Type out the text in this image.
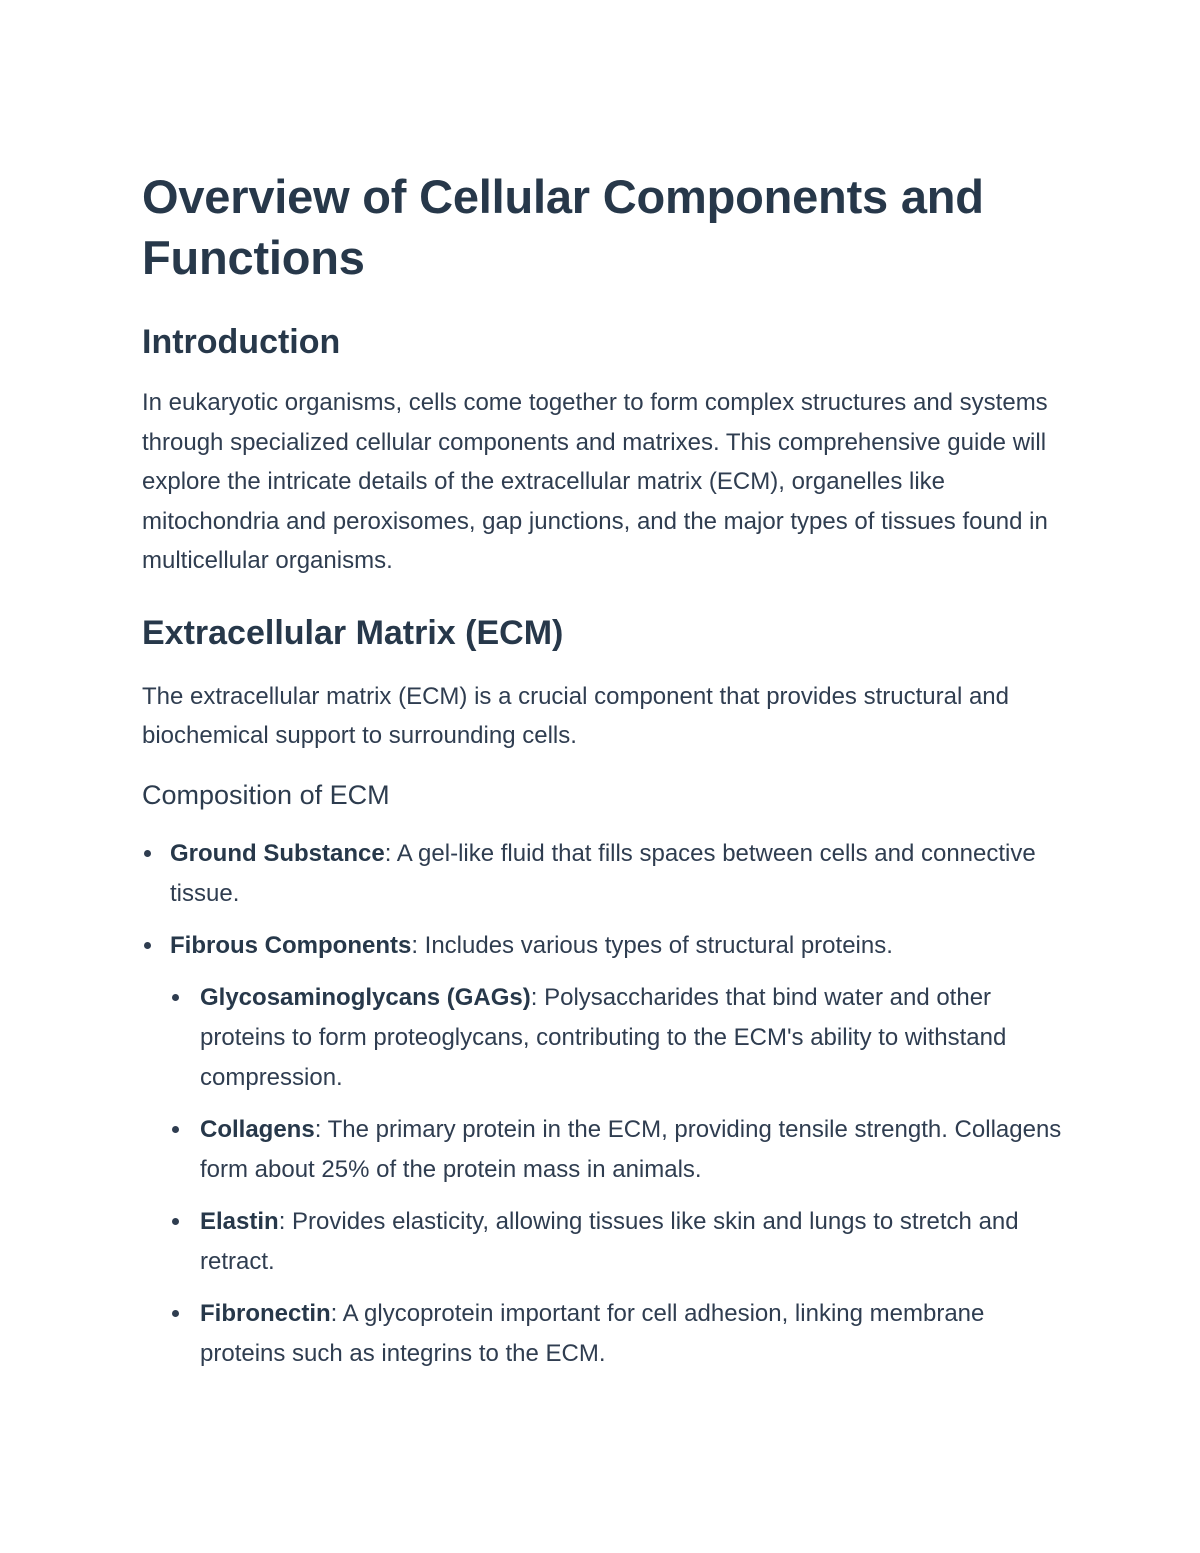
Overview of Cellular Components and Functions
Introduction

In eukaryotic organisms, cells come together to form complex structures and systems through specialized cellular components and matrixes. This comprehensive guide will explore the intricate details of the extracellular matrix (ECM), organelles like mitochondria and peroxisomes, gap junctions, and the major types of tissues found in multicellular organisms.

Extracellular Matrix (ECM)

The extracellular matrix (ECM) is a crucial component that provides structural and biochemical support to surrounding cells.

Composition of ECM
Ground Substance: A gel-like fluid that fills spaces between cells and connective tissue.
Fibrous Components: Includes various types of structural proteins.
Glycosaminoglycans (GAGs): Polysaccharides that bind water and other proteins to form proteoglycans, contributing to the ECM's ability to withstand compression.
Collagens: The primary protein in the ECM, providing tensile strength. Collagens form about 25% of the protein mass in animals.
Elastin: Provides elasticity, allowing tissues like skin and lungs to stretch and retract.
Fibronectin: A glycoprotein important for cell adhesion, linking membrane proteins such as integrins to the ECM.
